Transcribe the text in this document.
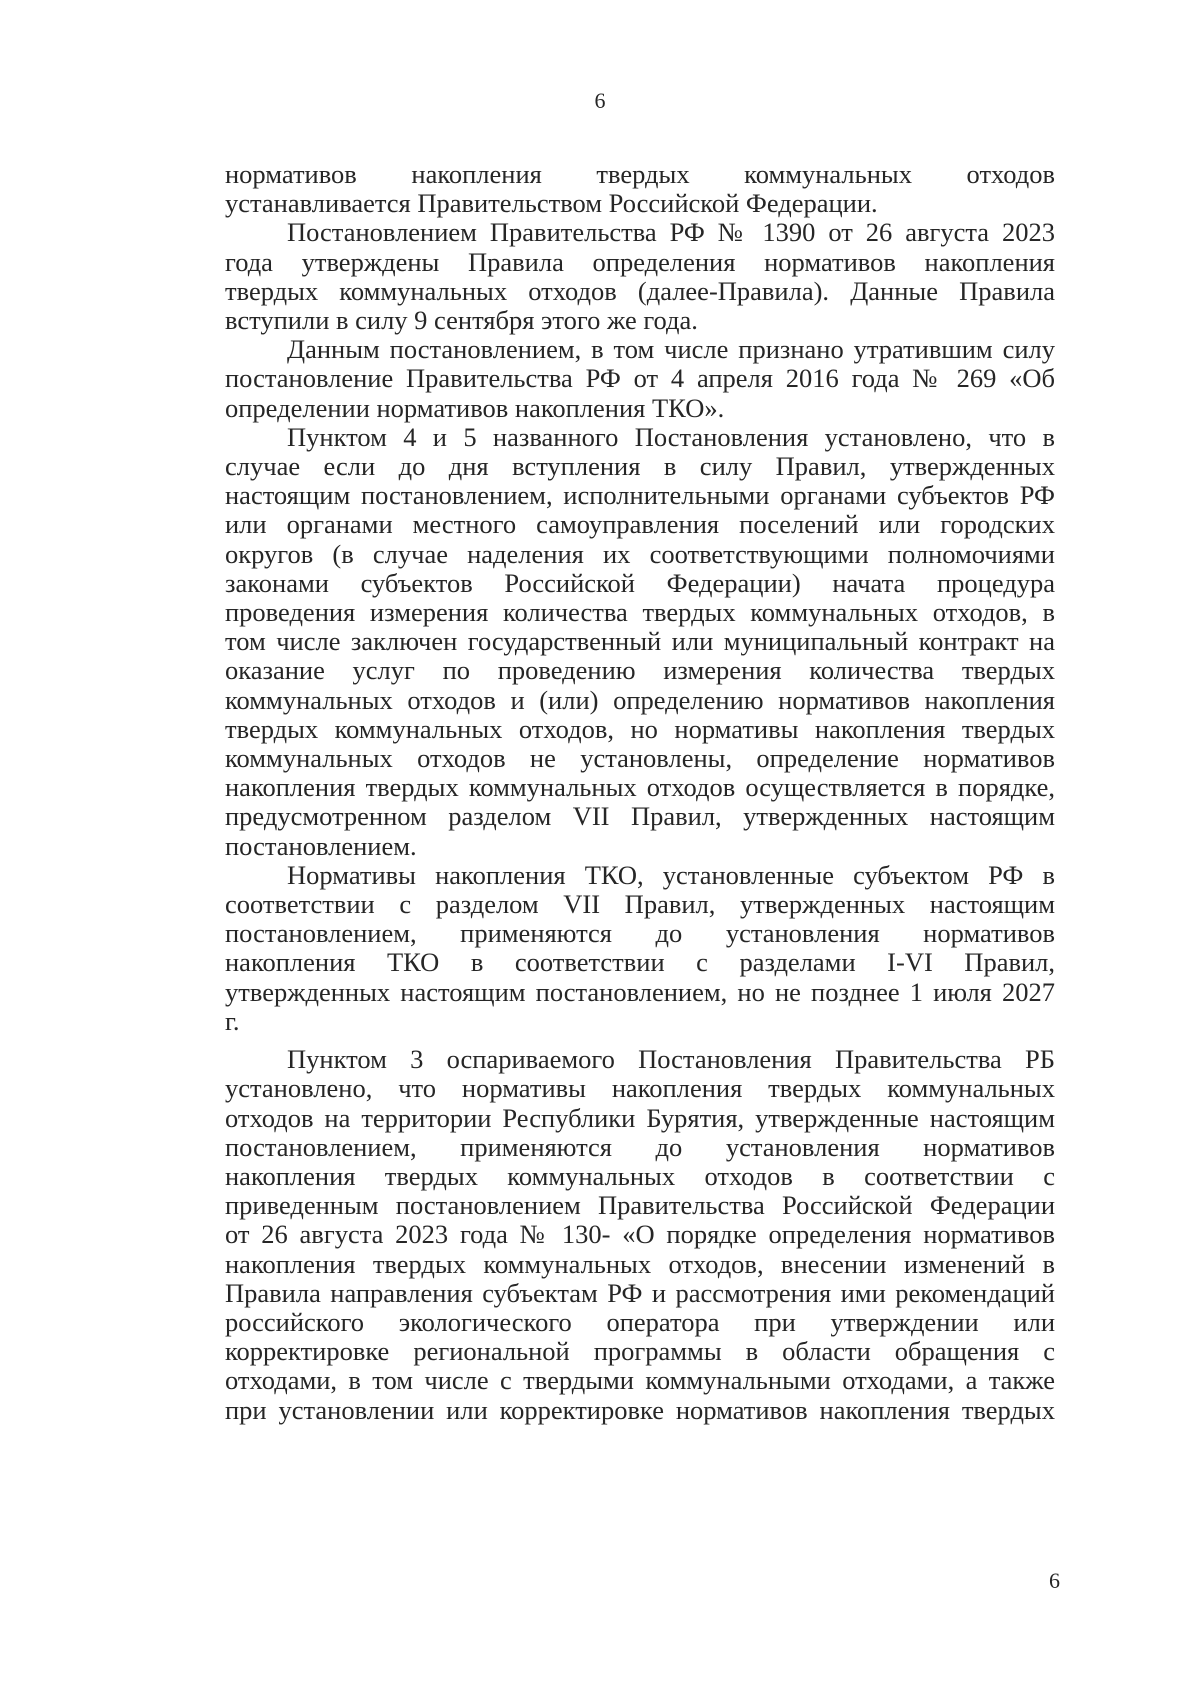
6

нормативов накопления твердых коммунальных отходов

устанавливается Правительством Российской Федерации.

Постановлением Правительства РФ № 1390 от 26 августа 2023

года утверждены Правила определения нормативов накопления

твердых коммунальных отходов (далее-Правила). Данные Правила

вступили в силу 9 сентября этого же года.

Данным постановлением, в том числе признано утратившим силу

постановление Правительства РФ от 4 апреля 2016 года № 269 «Об

определении нормативов накопления ТКО».

Пунктом 4 и 5 названного Постановления установлено, что в

случае если до дня вступления в силу Правил, утвержденных

настоящим постановлением, исполнительными органами субъектов РФ

или органами местного самоуправления поселений или городских

округов (в случае наделения их соответствующими полномочиями

законами субъектов Российской Федерации) начата процедура

проведения измерения количества твердых коммунальных отходов, в

том числе заключен государственный или муниципальный контракт на

оказание услуг по проведению измерения количества твердых

коммунальных отходов и (или) определению нормативов накопления

твердых коммунальных отходов, но нормативы накопления твердых

коммунальных отходов не установлены, определение нормативов

накопления твердых коммунальных отходов осуществляется в порядке,

предусмотренном разделом VII Правил, утвержденных настоящим

постановлением.

Нормативы накопления ТКО, установленные субъектом РФ в

соответствии с разделом VII Правил, утвержденных настоящим

постановлением, применяются до установления нормативов

накопления ТКО в соответствии с разделами I-VI Правил,

утвержденных настоящим постановлением, но не позднее 1 июля 2027

г.

Пунктом 3 оспариваемого Постановления Правительства РБ

установлено, что нормативы накопления твердых коммунальных

отходов на территории Республики Бурятия, утвержденные настоящим

постановлением, применяются до установления нормативов

накопления твердых коммунальных отходов в соответствии с

приведенным постановлением Правительства Российской Федерации

от 26 августа 2023 года № 130- «О порядке определения нормативов

накопления твердых коммунальных отходов, внесении изменений в

Правила направления субъектам РФ и рассмотрения ими рекомендаций

российского экологического оператора при утверждении или

корректировке региональной программы в области обращения с

отходами, в том числе с твердыми коммунальными отходами, а также

при установлении или корректировке нормативов накопления твердых

6
